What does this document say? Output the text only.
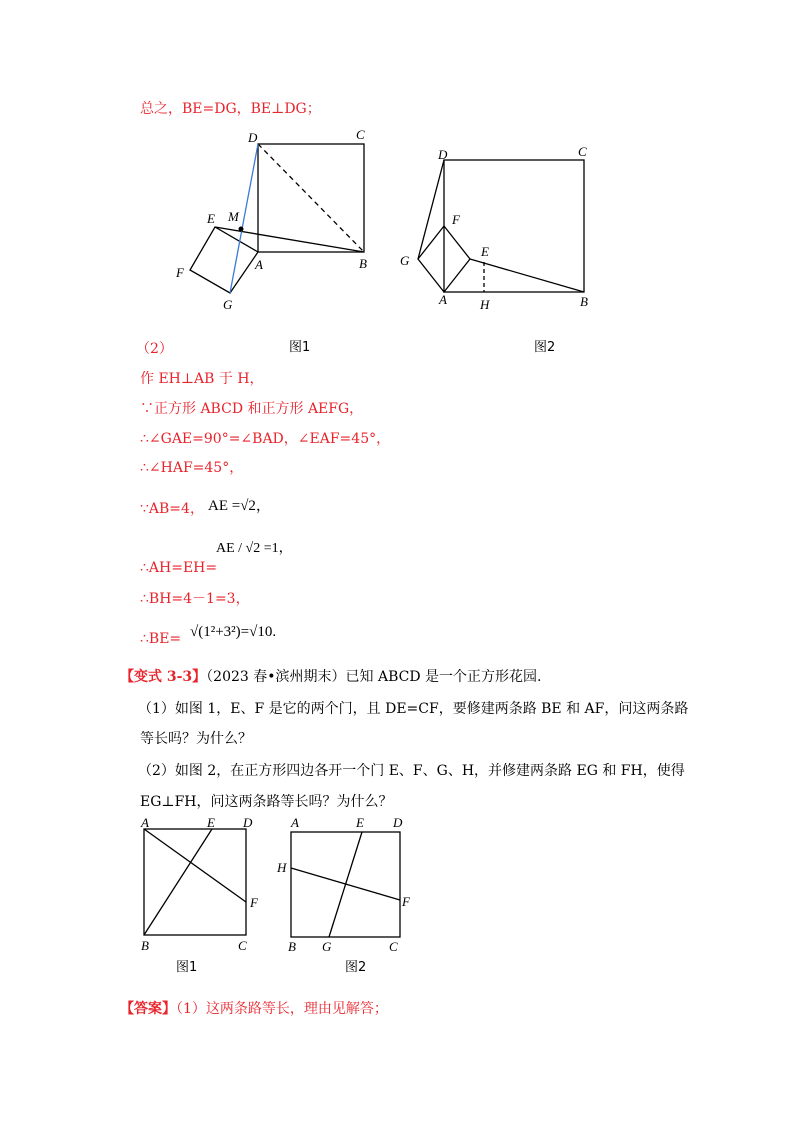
总之，BE=DG，BE⊥DG；
D	C
M
E
F
A	B
G
D	C
F
G
E
A	H	B
（2）	图1	图2
作 EH⊥AB 于 H，
∵正方形 ABCD 和正方形 AEFG，
∴∠GAE=90°=∠BAD，∠EAF=45°，
∴∠HAF=45°，
∵AB=4， AE =√2，
∴AH=EH=
AE / √2 =1，
∴BH=4－1=3，
∴BE= √(1²+3²)=√10.
【变式 3-3】（2023 春•滨州期末）已知 ABCD 是一个正方形花园.
（1）如图 1，E、F 是它的两个门，且 DE=CF，要修建两条路 BE 和 AF，问这两条路
等长吗？为什么？
（2）如图 2，在正方形四边各开一个门 E、F、G、H，并修建两条路 EG 和 FH，使得
EG⊥FH，问这两条路等长吗？为什么？
A	E D
F
B	C
A	E D
H
F
B G	C
图1	图2
【答案】（1）这两条路等长，理由见解答；
